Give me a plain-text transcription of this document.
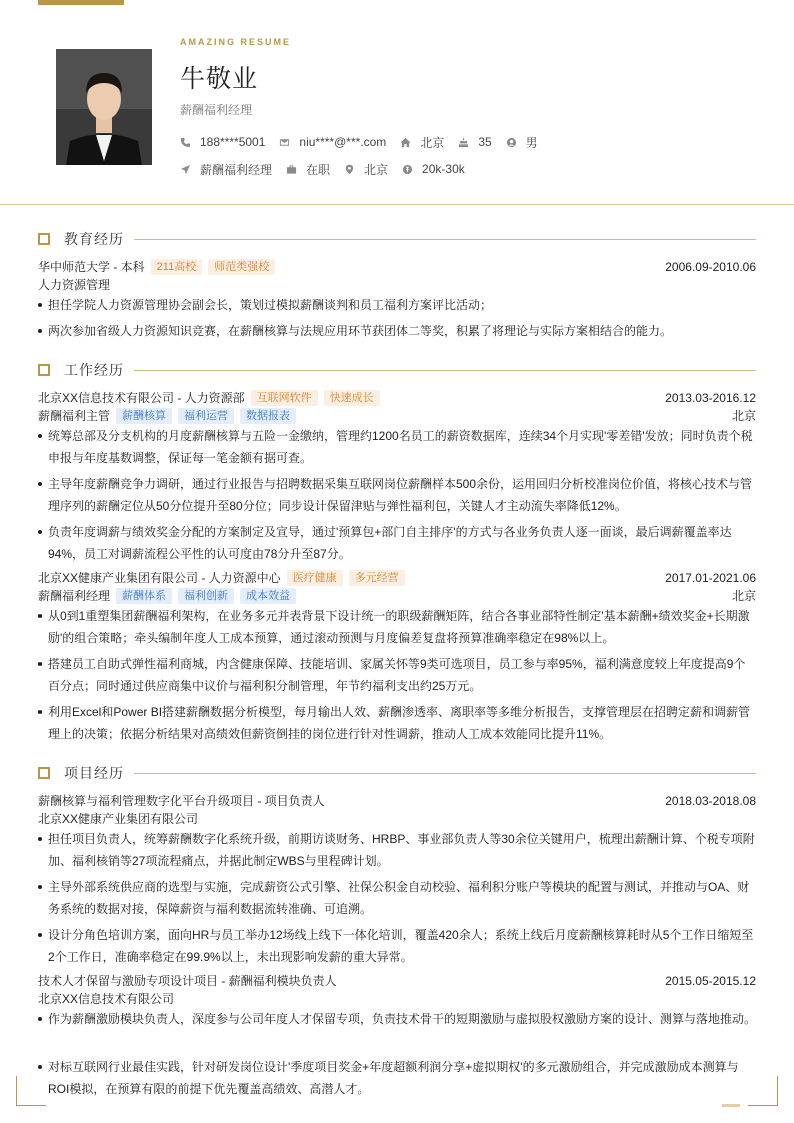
AMAZING RESUME
牛敬业
薪酬福利经理
188****5001	niu****@***.com	北京	35	男
薪酬福利经理	在职	北京	20k-30k
教育经历
华中师范大学 - 本科	211高校	师范类强校	2006.09-2010.06
人力资源管理
担任学院人力资源管理协会副会长，策划过模拟薪酬谈判和员工福利方案评比活动；
两次参加省级人力资源知识竞赛，在薪酬核算与法规应用环节获团体二等奖，积累了将理论与实际方案相结合的能力。
工作经历
北京XX信息技术有限公司 - 人力资源部	互联网软件	快速成长	2013.03-2016.12
薪酬福利主管	薪酬核算	福利运营	数据报表	北京
统筹总部及分支机构的月度薪酬核算与五险一金缴纳，管理约1200名员工的薪资数据库，连续34个月实现'零差错'发放；同时负责个税申报与年度基数调整，保证每一笔金额有据可查。
主导年度薪酬竞争力调研，通过行业报告与招聘数据采集互联网岗位薪酬样本500余份，运用回归分析校准岗位价值，将核心技术与管理序列的薪酬定位从50分位提升至80分位；同步设计保留津贴与弹性福利包，关键人才主动流失率降低12%。
负责年度调薪与绩效奖金分配的方案制定及宣导，通过'预算包+部门自主排序'的方式与各业务负责人逐一面谈，最后调薪覆盖率达94%，员工对调薪流程公平性的认可度由78分升至87分。
北京XX健康产业集团有限公司 - 人力资源中心	医疗健康	多元经营	2017.01-2021.06
薪酬福利经理	薪酬体系	福利创新	成本效益	北京
从0到1重塑集团薪酬福利架构，在业务多元并表背景下设计统一的职级薪酬矩阵，结合各事业部特性制定'基本薪酬+绩效奖金+长期激励'的组合策略；牵头编制年度人工成本预算，通过滚动预测与月度偏差复盘将预算准确率稳定在98%以上。
搭建员工自助式弹性福利商城，内含健康保障、技能培训、家属关怀等9类可选项目，员工参与率95%，福利满意度较上年度提高9个百分点；同时通过供应商集中议价与福利积分制管理，年节约福利支出约25万元。
利用Excel和Power BI搭建薪酬数据分析模型，每月输出人效、薪酬渗透率、离职率等多维分析报告，支撑管理层在招聘定薪和调薪管理上的决策；依据分析结果对高绩效但薪资倒挂的岗位进行针对性调薪，推动人工成本效能同比提升11%。
项目经历
薪酬核算与福利管理数字化平台升级项目 - 项目负责人	2018.03-2018.08
北京XX健康产业集团有限公司
担任项目负责人，统筹薪酬数字化系统升级，前期访谈财务、HRBP、事业部负责人等30余位关键用户，梳理出薪酬计算、个税专项附加、福利核销等27项流程痛点，并据此制定WBS与里程碑计划。
主导外部系统供应商的选型与实施，完成薪资公式引擎、社保公积金自动校验、福利积分账户等模块的配置与测试，并推动与OA、财务系统的数据对接，保障薪资与福利数据流转准确、可追溯。
设计分角色培训方案，面向HR与员工举办12场线上线下一体化培训，覆盖420余人；系统上线后月度薪酬核算耗时从5个工作日缩短至2个工作日，准确率稳定在99.9%以上，未出现影响发薪的重大异常。
技术人才保留与激励专项设计项目 - 薪酬福利模块负责人	2015.05-2015.12
北京XX信息技术有限公司
作为薪酬激励模块负责人，深度参与公司年度人才保留专项，负责技术骨干的短期激励与虚拟股权激励方案的设计、测算与落地推动。
对标互联网行业最佳实践，针对研发岗位设计'季度项目奖金+年度超额利润分享+虚拟期权'的多元激励组合，并完成激励成本测算与ROI模拟，在预算有限的前提下优先覆盖高绩效、高潜人才。
